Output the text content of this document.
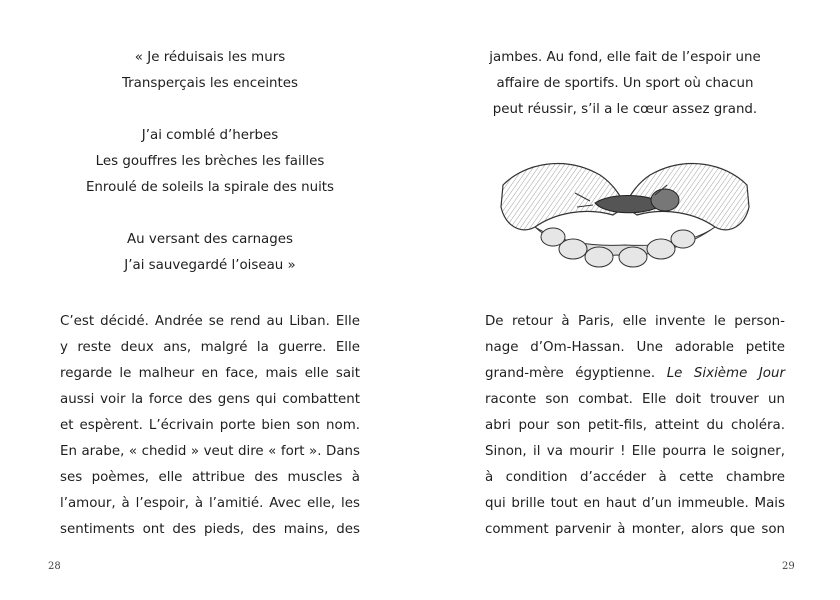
« Je réduisais les murs
Transperçais les enceintes
J’ai comblé d’herbes
Les gouffres les brèches les failles
Enroulé de soleils la spirale des nuits
Au versant des carnages
J’ai sauvegardé l’oiseau »
C’est décidé. Andrée se rend au Liban. Elle
y reste deux ans, malgré la guerre. Elle
regarde le malheur en face, mais elle sait
aussi voir la force des gens qui combattent
et espèrent. L’écrivain porte bien son nom.
En arabe, « chedid » veut dire « fort ». Dans
ses poèmes, elle attribue des muscles à
l’amour, à l’espoir, à l’amitié. Avec elle, les
sentiments ont des pieds, des mains, des
28
jambes. Au fond, elle fait de l’espoir une
affaire de sportifs. Un sport où chacun
peut réussir, s’il a le cœur assez grand.
De retour à Paris, elle invente le person-
nage d’Om-Hassan. Une adorable petite
grand-mère égyptienne. Le Sixième Jour
raconte son combat. Elle doit trouver un
abri pour son petit-fils, atteint du choléra.
Sinon, il va mourir ! Elle pourra le soigner,
à condition d’accéder à cette chambre
qui brille tout en haut d’un immeuble. Mais
comment parvenir à monter, alors que son
29
